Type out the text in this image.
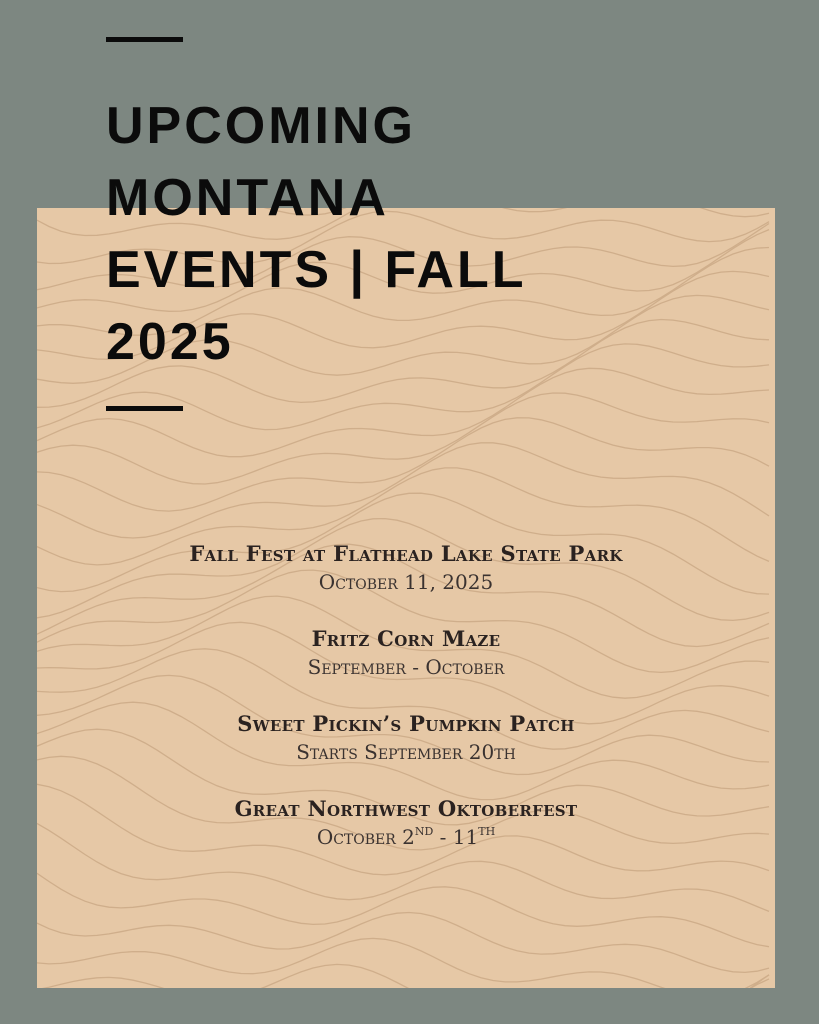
UPCOMING
MONTANA
EVENTS | FALL
2025
Fall Fest at Flathead Lake State Park
October 11, 2025
Fritz Corn Maze
September - October
Sweet Pickin’s Pumpkin Patch
Starts September 20th
Great Northwest Oktoberfest
October 2ND - 11TH
